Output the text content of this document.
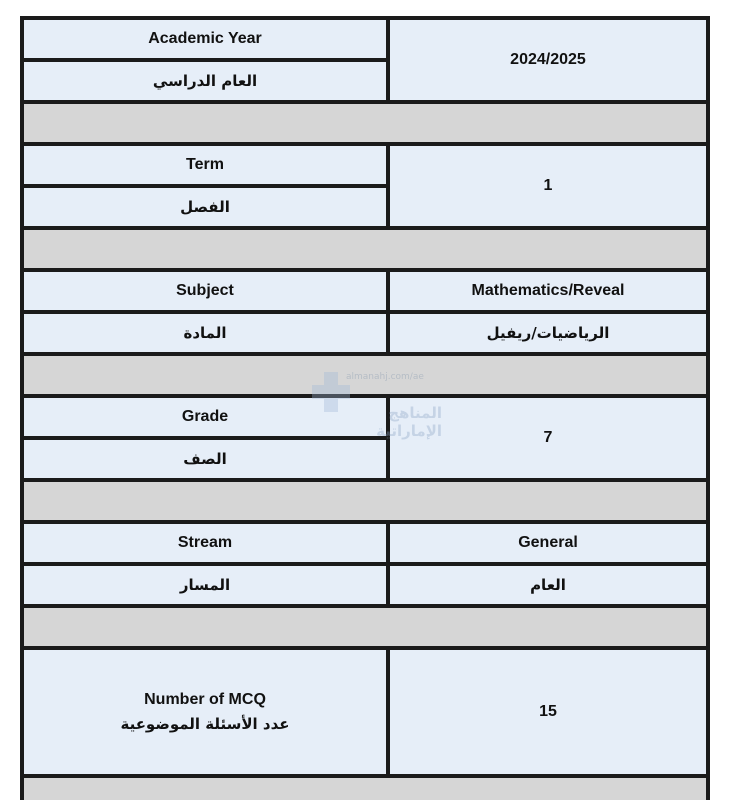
Academic Year
العام الدراسي
2024/2025
Term
الفصل
1
Subject
المادة
Mathematics/Reveal
الرياضيات/ريفيل
Grade
الصف
7
Stream
المسار
General
العام
Number of MCQ
عدد الأسئلة الموضوعية
15
almanahj.com/ae
المناهج الإماراتية
